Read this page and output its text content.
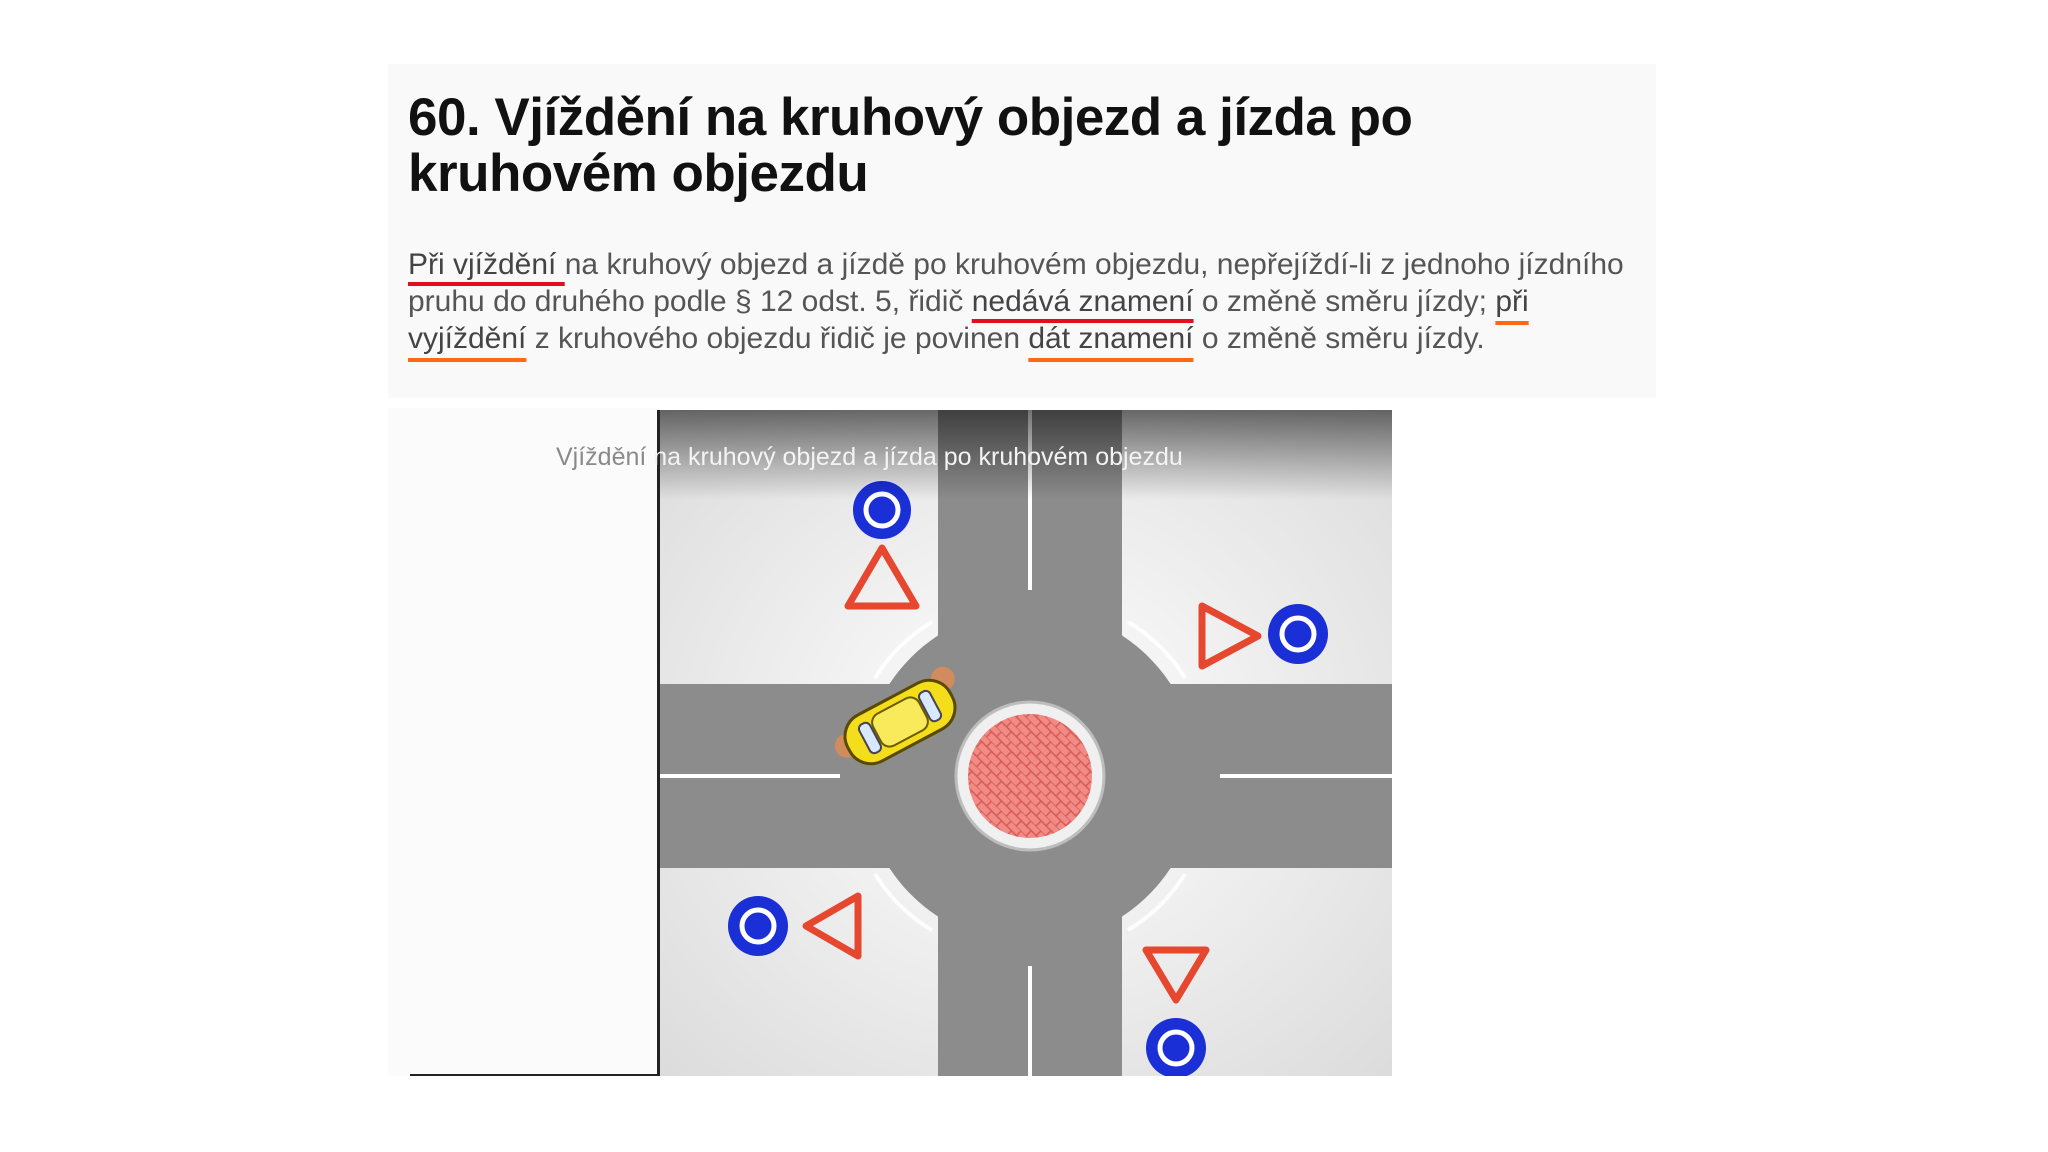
60. Vjíždění na kruhový objezd a jízda po kruhovém objezdu

Při vjíždění na kruhový objezd a jízdě po kruhovém objezdu, nepřejíždí-li z jednoho jízdního
pruhu do druhého podle § 12 odst. 5, řidič nedává znamení o změně směru jízdy; při
vyjíždění z kruhového objezdu řidič je povinen dát znamení o změně směru jízdy.

Vjíždění na kruhový objezd a jízda po kruhovém objezdu
